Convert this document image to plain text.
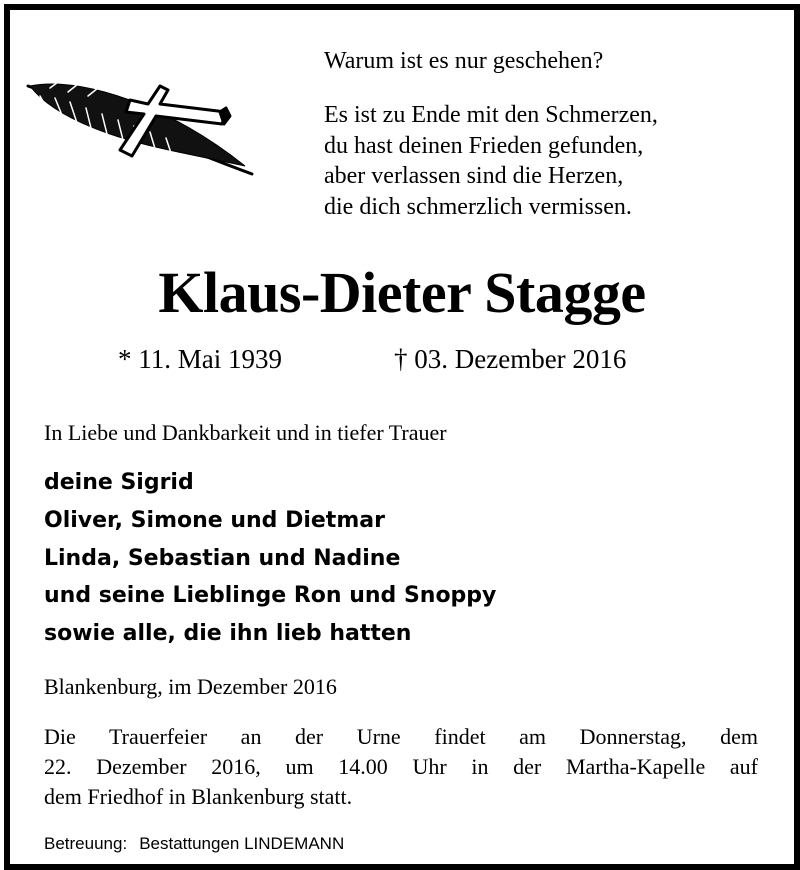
Warum ist es nur geschehen?
Es ist zu Ende mit den Schmerzen,
du hast deinen Frieden gefunden,
aber verlassen sind die Herzen,
die dich schmerzlich vermissen.
Klaus-Dieter Stagge
* 11. Mai 1939	† 03. Dezember 2016
In Liebe und Dankbarkeit und in tiefer Trauer
deine Sigrid
Oliver, Simone und Dietmar
Linda, Sebastian und Nadine
und seine Lieblinge Ron und Snoppy
sowie alle, die ihn lieb hatten
Blankenburg, im Dezember 2016
Die Trauerfeier an der Urne findet am Donnerstag, dem
22. Dezember 2016, um 14.00 Uhr in der Martha-Kapelle auf
dem Friedhof in Blankenburg statt.
Betreuung: Bestattungen LINDEMANN
